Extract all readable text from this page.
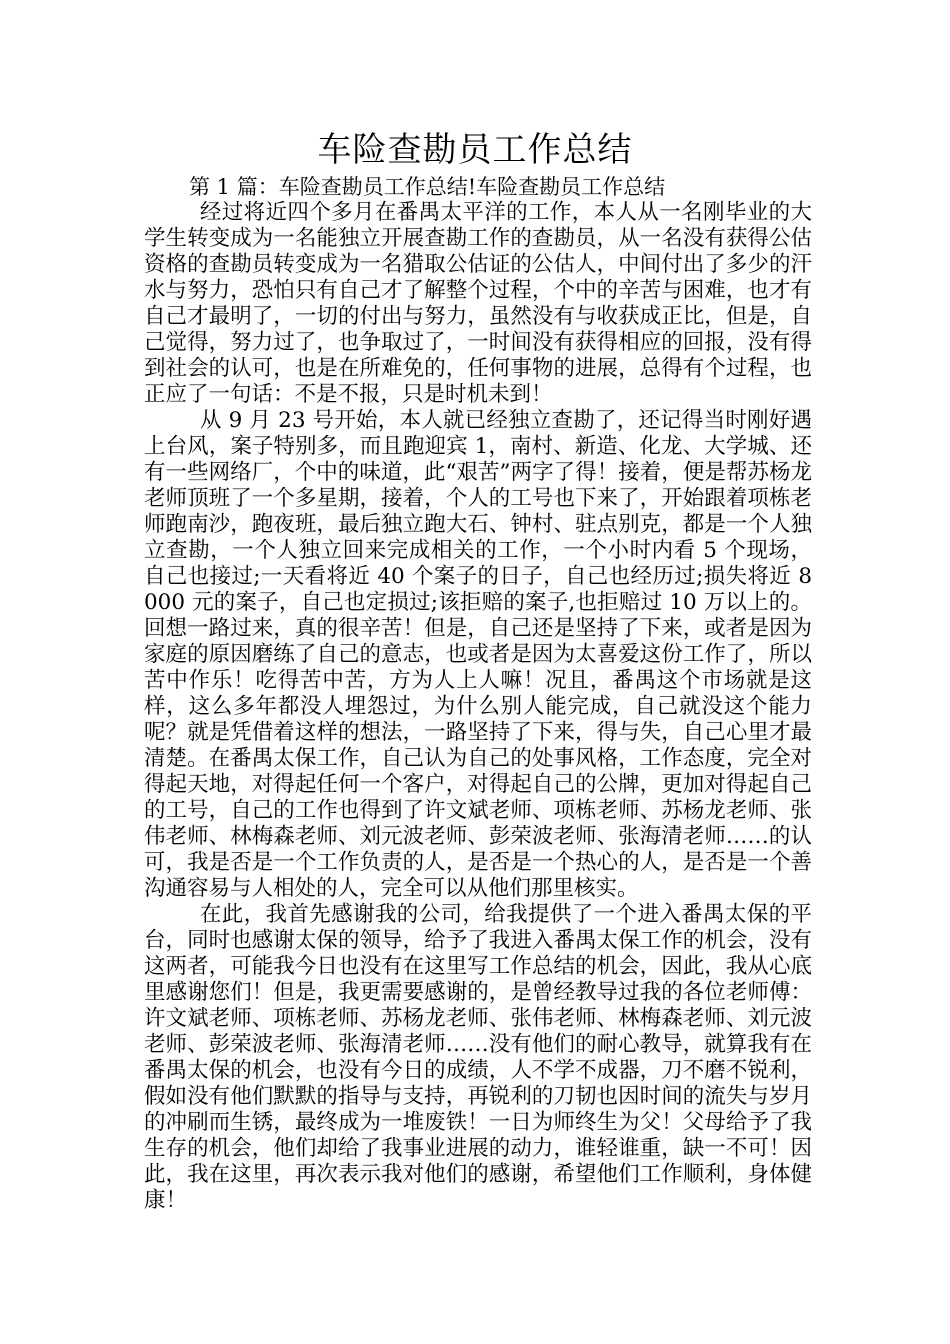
车险查勘员工作总结
第 1 篇：车险查勘员工作总结!车险查勘员工作总结

经过将近四个多月在番禺太平洋的工作，本人从一名刚毕业的大学生转变成为一名能独立开展查勘工作的查勘员，从一名没有获得公估资格的查勘员转变成为一名猎取公估证的公估人，中间付出了多少的汗水与努力，恐怕只有自己才了解整个过程，个中的辛苦与困难，也才有自己才最明了，一切的付出与努力，虽然没有与收获成正比，但是，自己觉得，努力过了，也争取过了，一时间没有获得相应的回报，没有得到社会的认可，也是在所难免的，任何事物的进展，总得有个过程，也正应了一句话：不是不报，只是时机未到！

从 9 月 23 号开始，本人就已经独立查勘了，还记得当时刚好遇上台风，案子特别多，而且跑迎宾 1，南村、新造、化龙、大学城、还有一些网络厂，个中的味道，此“艰苦”两字了得！接着，便是帮苏杨龙老师顶班了一个多星期，接着，个人的工号也下来了，开始跟着项栋老师跑南沙，跑夜班，最后独立跑大石、钟村、驻点别克，都是一个人独立查勘，一个人独立回来完成相关的工作，一个小时内看 5 个现场，自己也接过;一天看将近 40 个案子的日子，自己也经历过;损失将近 8000 元的案子，自己也定损过;该拒赔的案子,也拒赔过 10 万以上的。回想一路过来，真的很辛苦！但是，自己还是坚持了下来，或者是因为家庭的原因磨练了自己的意志，也或者是因为太喜爱这份工作了，所以苦中作乐！吃得苦中苦，方为人上人嘛！况且，番禺这个市场就是这样，这么多年都没人埋怨过，为什么别人能完成，自己就没这个能力呢？就是凭借着这样的想法，一路坚持了下来，得与失，自己心里才最清楚。在番禺太保工作，自己认为自己的处事风格，工作态度，完全对得起天地，对得起任何一个客户，对得起自己的公牌，更加对得起自己的工号，自己的工作也得到了许文斌老师、项栋老师、苏杨龙老师、张伟老师、林梅森老师、刘元波老师、彭荣波老师、张海清老师……的认可，我是否是一个工作负责的人，是否是一个热心的人，是否是一个善沟通容易与人相处的人，完全可以从他们那里核实。

在此，我首先感谢我的公司，给我提供了一个进入番禺太保的平台，同时也感谢太保的领导，给予了我进入番禺太保工作的机会，没有这两者，可能我今日也没有在这里写工作总结的机会，因此，我从心底里感谢您们！但是，我更需要感谢的，是曾经教导过我的各位老师傅：许文斌老师、项栋老师、苏杨龙老师、张伟老师、林梅森老师、刘元波老师、彭荣波老师、张海清老师……没有他们的耐心教导，就算我有在番禺太保的机会，也没有今日的成绩，人不学不成器，刀不磨不锐利，假如没有他们默默的指导与支持，再锐利的刀韧也因时间的流失与岁月的冲刷而生锈，最终成为一堆废铁！一日为师终生为父！父母给予了我生存的机会，他们却给了我事业进展的动力，谁轻谁重，缺一不可！因此，我在这里，再次表示我对他们的感谢，希望他们工作顺利，身体健康！
